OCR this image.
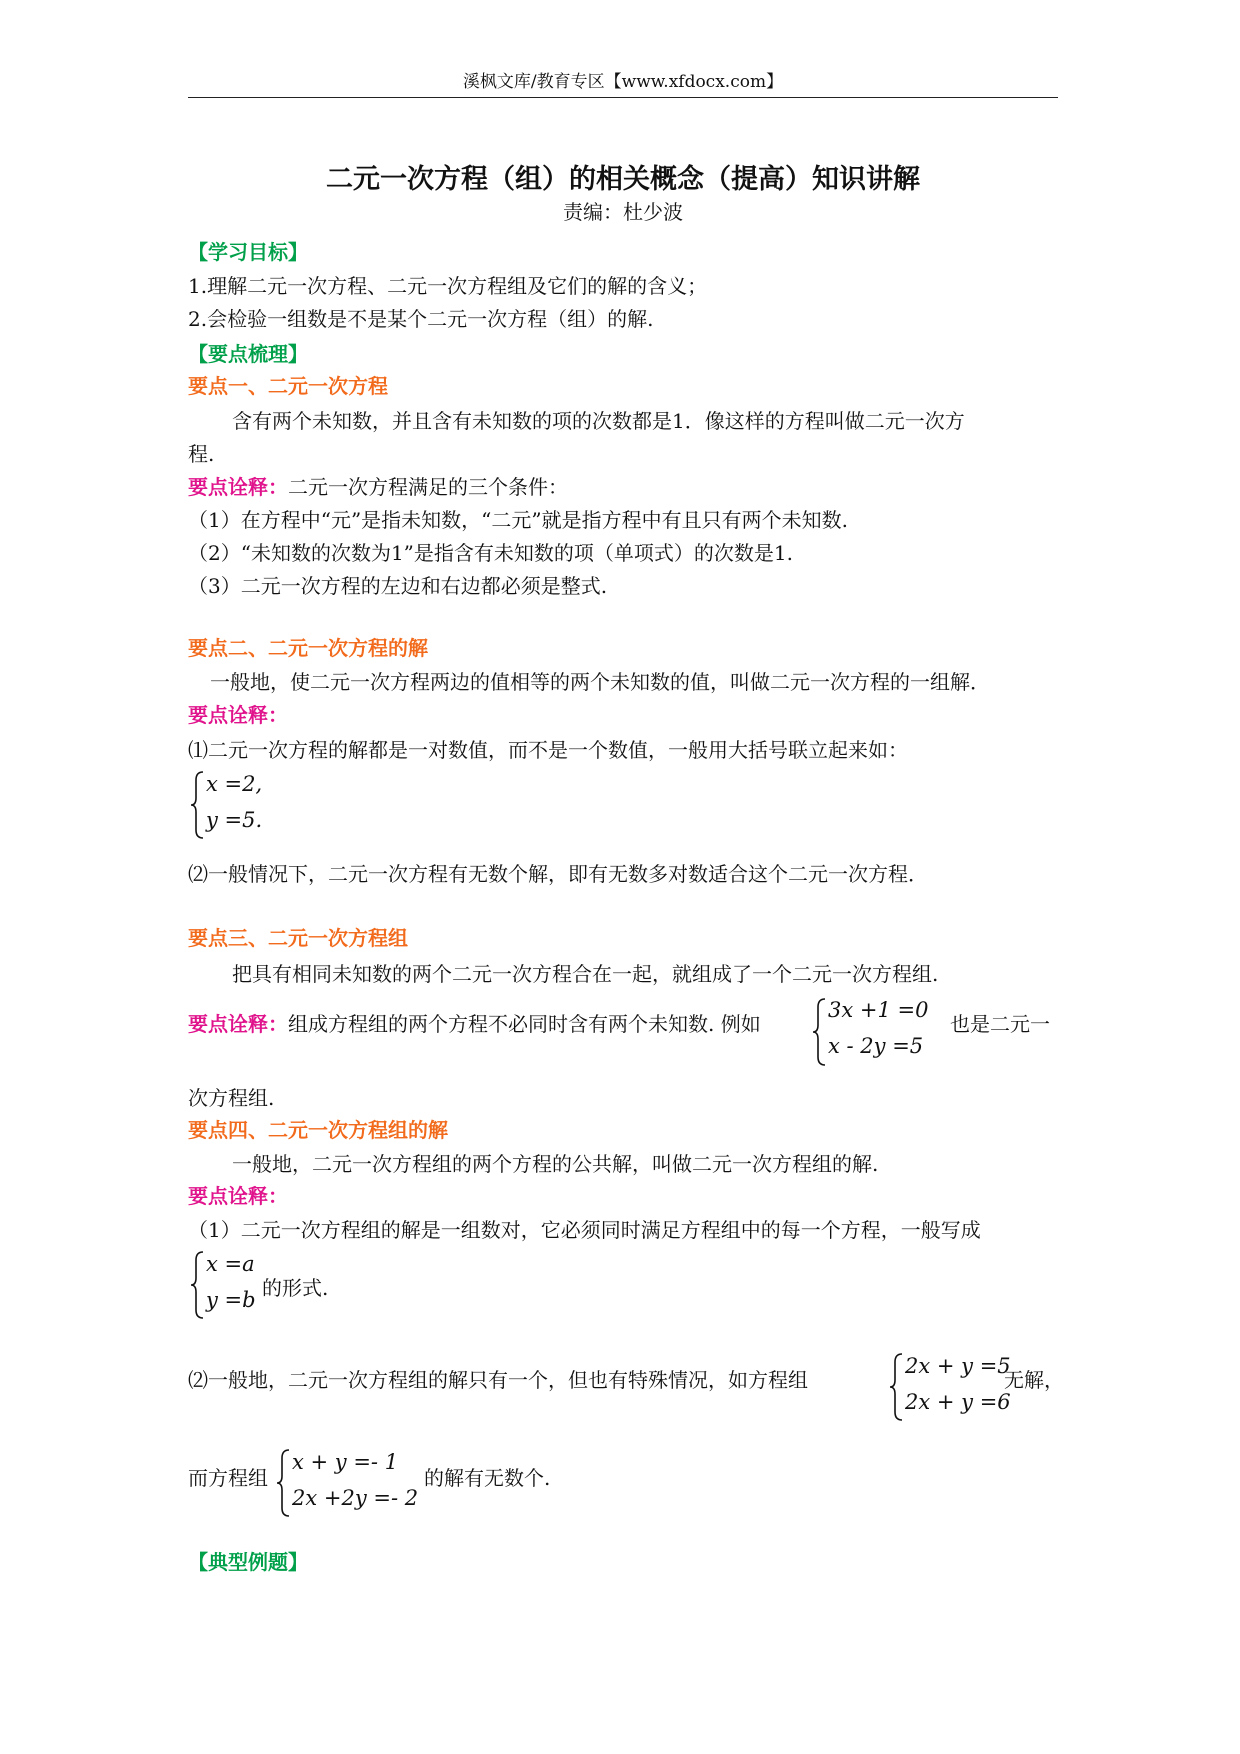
溪枫文库/教育专区【www.xfdocx.com】
二元一次方程（组）的相关概念（提高）知识讲解
责编：杜少波
【学习目标】
1.理解二元一次方程、二元一次方程组及它们的解的含义；
2.会检验一组数是不是某个二元一次方程（组）的解.
【要点梳理】
要点一、二元一次方程
含有两个未知数，并且含有未知数的项的次数都是1．像这样的方程叫做二元一次方
程.
要点诠释：二元一次方程满足的三个条件：
（1）在方程中“元”是指未知数，“二元”就是指方程中有且只有两个未知数.
（2）“未知数的次数为1”是指含有未知数的项（单项式）的次数是1.
（3）二元一次方程的左边和右边都必须是整式.
要点二、二元一次方程的解
一般地，使二元一次方程两边的值相等的两个未知数的值，叫做二元一次方程的一组解．
要点诠释：
⑴二元一次方程的解都是一对数值，而不是一个数值，一般用大括号联立起来如：
x =2,
y =5.
⑵一般情况下，二元一次方程有无数个解，即有无数多对数适合这个二元一次方程．
要点三、二元一次方程组
把具有相同未知数的两个二元一次方程合在一起，就组成了一个二元一次方程组.
要点诠释：组成方程组的两个方程不必同时含有两个未知数. 例如
3x +1 =0
x - 2y =5
也是二元一
次方程组.
要点四、二元一次方程组的解
一般地，二元一次方程组的两个方程的公共解，叫做二元一次方程组的解.
要点诠释：
（1）二元一次方程组的解是一组数对，它必须同时满足方程组中的每一个方程，一般写成
x =a
y =b 的形式.
⑵一般地，二元一次方程组的解只有一个，但也有特殊情况，如方程组
2x + y =5
2x + y =6
无解，
而方程组
x + y =- 1
2x +2y =- 2
的解有无数个.
【典型例题】
